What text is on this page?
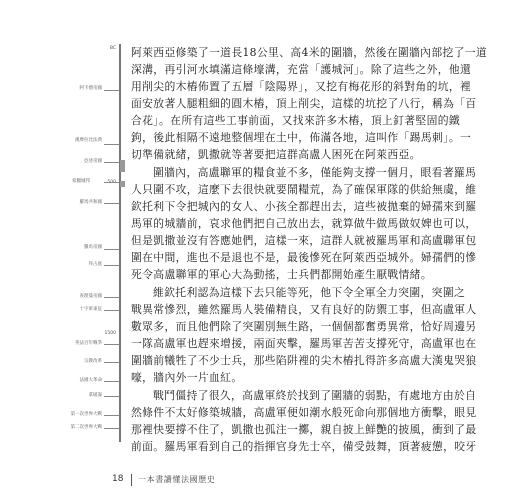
BC
1500
阿卡德帝國
漢摩拉比法典
亞述帝國
希臘城邦
羅馬共和國
羅馬帝國
拜占庭
查理曼帝國
十字軍東征
英法百年戰爭
宗教改革
法國大革命
拿破崙
第一次世界大戰
第二次世界大戰
阿萊西亞修築了一道長18公里、高4米的圍牆，然後在圍牆內部挖了一道
深溝，再引河水填滿這條壕溝，充當「護城河」。除了這些之外，他還
用削尖的木樁佈置了五層「陰陽界」，又挖有梅花形的斜對角的坑，裡
面安放著人腿粗細的圓木樁，頂上削尖，這樣的坑挖了八行，稱為「百
合花」。在所有這些工事前面，又找來許多木樁，頂上釘著堅固的鐵
鉤，後此相隔不遠地整個埋在土中，佈滿各地，這叫作「踢馬刺」。一
切準備就緒，凱撒就等著要把這群高盧人困死在阿萊西亞。
圍牆內，高盧聯軍的糧食並不多，僅能夠支撐一個月，眼看著羅馬
人只圍不攻，這麼下去很快就要鬧糧荒，為了確保軍隊的供給無虞，維
欽托利下令把城內的女人、小孩全都趕出去，這些被拋棄的婦孺來到羅
馬軍的城牆前，哀求他們把自己放出去，就算做牛做馬做奴婢也可以，
但是凱撒並沒有答應她們，這樣一來，這群人就被羅馬軍和高盧聯軍包
圍在中間，進也不是退也不是，最後慘死在阿萊西亞城外。婦孺們的慘
死令高盧聯軍的軍心大為動搖，士兵們都開始產生厭戰情緒。
維欽托利認為這樣下去只能等死，他下令全軍全力突圍，突圍之
戰異常慘烈，雖然羅馬人裝備精良，又有良好的防禦工事，但高盧軍人
數眾多，而且他們除了突圍別無生路，一個個都奮勇異常，恰好周邊另
一隊高盧軍也趕來增援，兩面夾擊，羅馬軍苦苦支撐死守，高盧軍也在
圍牆前犧牲了不少士兵，那些陷阱裡的尖木樁扎得許多高盧大漢鬼哭狼
嚎，牆內外一片血紅。
戰鬥僵持了很久，高盧軍終於找到了圍牆的弱點，有處地方由於自
然條件不太好修築城牆，高盧軍便如潮水般死命向那個地方衝擊，眼見
那裡快要撐不住了，凱撒也孤注一擲，親自披上鮮艷的披風，衝到了最
前面。羅馬軍看到自己的指揮官身先士卒，備受鼓舞，頂著疲憊，咬牙
18 一本書讀懂法國歷史
